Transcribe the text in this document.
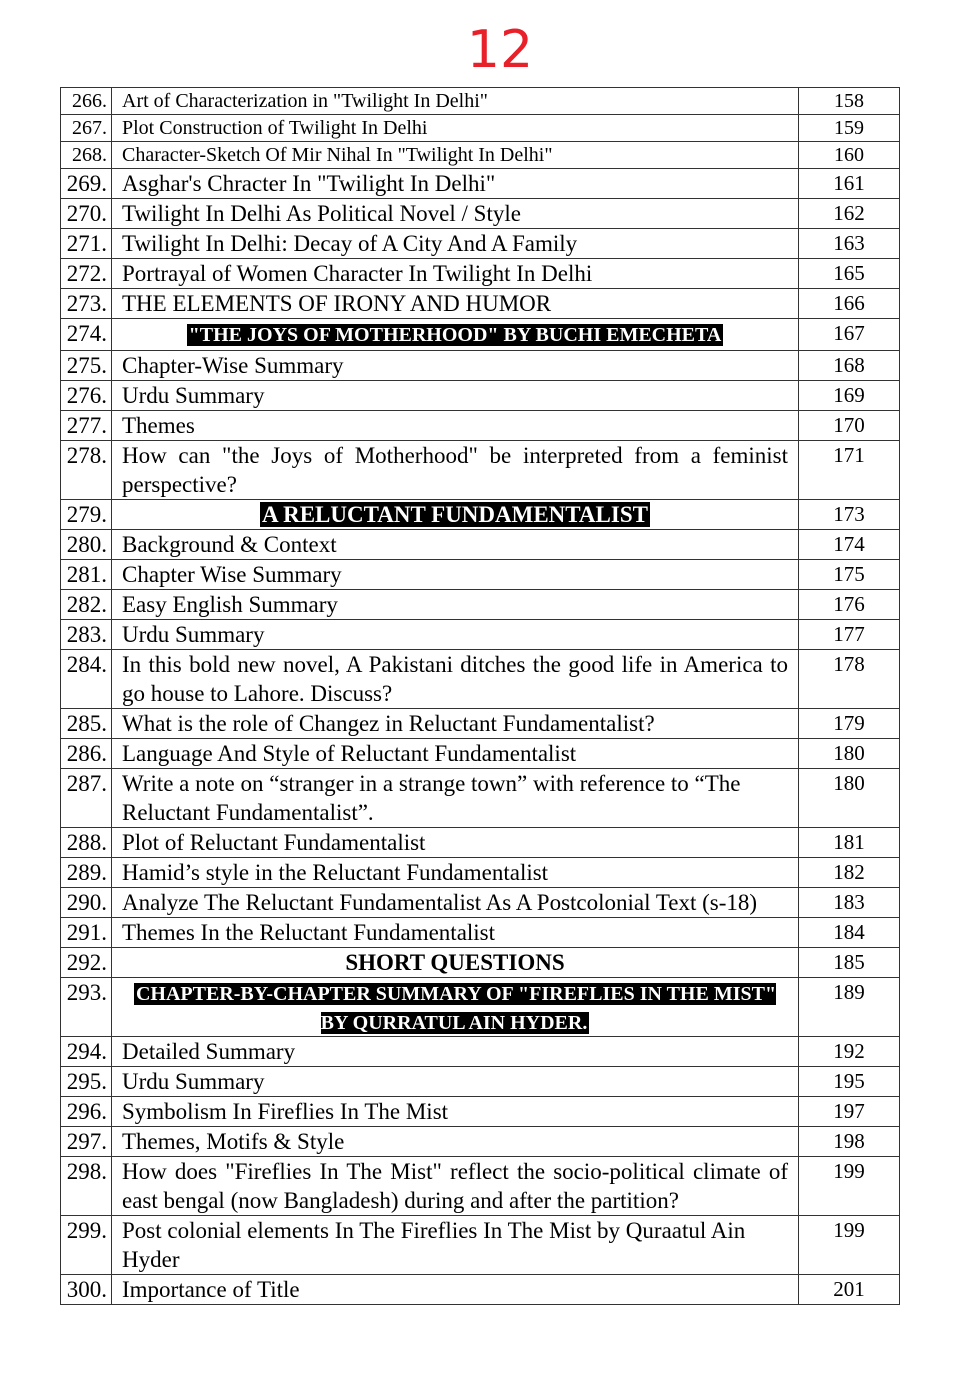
12
266.	Art of Characterization in "Twilight In Delhi"	158
267.	Plot Construction of Twilight In Delhi	159
268.	Character-Sketch Of Mir Nihal In "Twilight In Delhi"	160
269.	Asghar's Chracter In "Twilight In Delhi"	161
270.	Twilight In Delhi As Political Novel / Style	162
271.	Twilight In Delhi: Decay of A City And A Family	163
272.	Portrayal of Women Character In Twilight In Delhi	165
273.	THE ELEMENTS OF IRONY AND HUMOR	166
274.	"THE JOYS OF MOTHERHOOD" BY BUCHI EMECHETA	167
275.	Chapter-Wise Summary	168
276.	Urdu Summary	169
277.	Themes	170
278.	How can "the Joys of Motherhood" be interpreted from a feminist perspective?	171
279.	A RELUCTANT FUNDAMENTALIST	173
280.	Background & Context	174
281.	Chapter Wise Summary	175
282.	Easy English Summary	176
283.	Urdu Summary	177
284.	In this bold new novel, A Pakistani ditches the good life in America to go house to Lahore. Discuss?	178
285.	What is the role of Changez in Reluctant Fundamentalist?	179
286.	Language And Style of Reluctant Fundamentalist	180
287.	Write a note on “stranger in a strange town” with reference to “The Reluctant Fundamentalist”.	180
288.	Plot of Reluctant Fundamentalist	181
289.	Hamid’s style in the Reluctant Fundamentalist	182
290.	Analyze The Reluctant Fundamentalist As A Postcolonial Text (s-18)	183
291.	Themes In the Reluctant Fundamentalist	184
292.	SHORT QUESTIONS	185
293.	CHAPTER-BY-CHAPTER SUMMARY OF "FIREFLIES IN THE MIST" BY QURRATUL AIN HYDER.	189
294.	Detailed Summary	192
295.	Urdu Summary	195
296.	Symbolism In Fireflies In The Mist	197
297.	Themes, Motifs & Style	198
298.	How does "Fireflies In The Mist" reflect the socio-political climate of east bengal (now Bangladesh) during and after the partition?	199
299.	Post colonial elements In The Fireflies In The Mist by Quraatul Ain Hyder	199
300.	Importance of Title	201
